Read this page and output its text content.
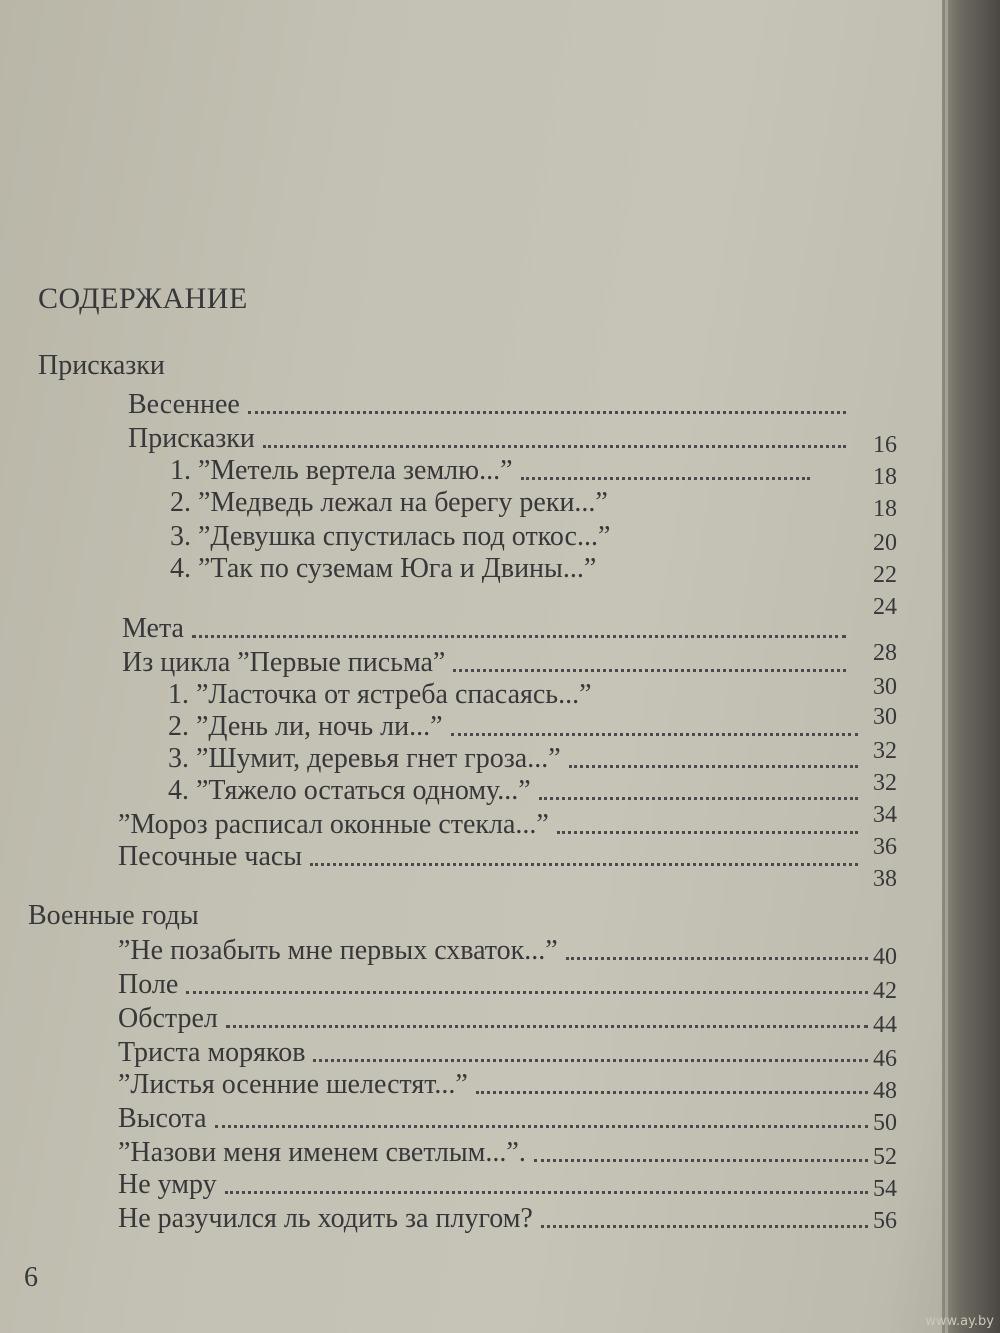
СОДЕРЖАНИЕ
Присказки
Весеннее
Присказки
1. ”Метель вертела землю...”
2. ”Медведь лежал на берегу реки...”
3. ”Девушка спустилась под откос...”
4. ”Так по суземам Юга и Двины...”
Мета
Из цикла ”Первые письма”
1. ”Ласточка от ястреба спасаясь...”
2. ”День ли, ночь ли...”
3. ”Шумит, деревья гнет гроза...”
4. ”Тяжело остаться одному...”
”Мороз расписал оконные стекла...”
Песочные часы
Военные годы
”Не позабыть мне первых схваток...”
Поле
Обстрел
Триста моряков
”Листья осенние шелестят...”
Высота
”Назови меня именем светлым...”.
Не умру
Не разучился ль ходить за плугом?
16
18
18
20
22
24
28
30
30
32
32
34
36
38
40
42
44
46
48
50
52
54
56
6
www.ay.by
